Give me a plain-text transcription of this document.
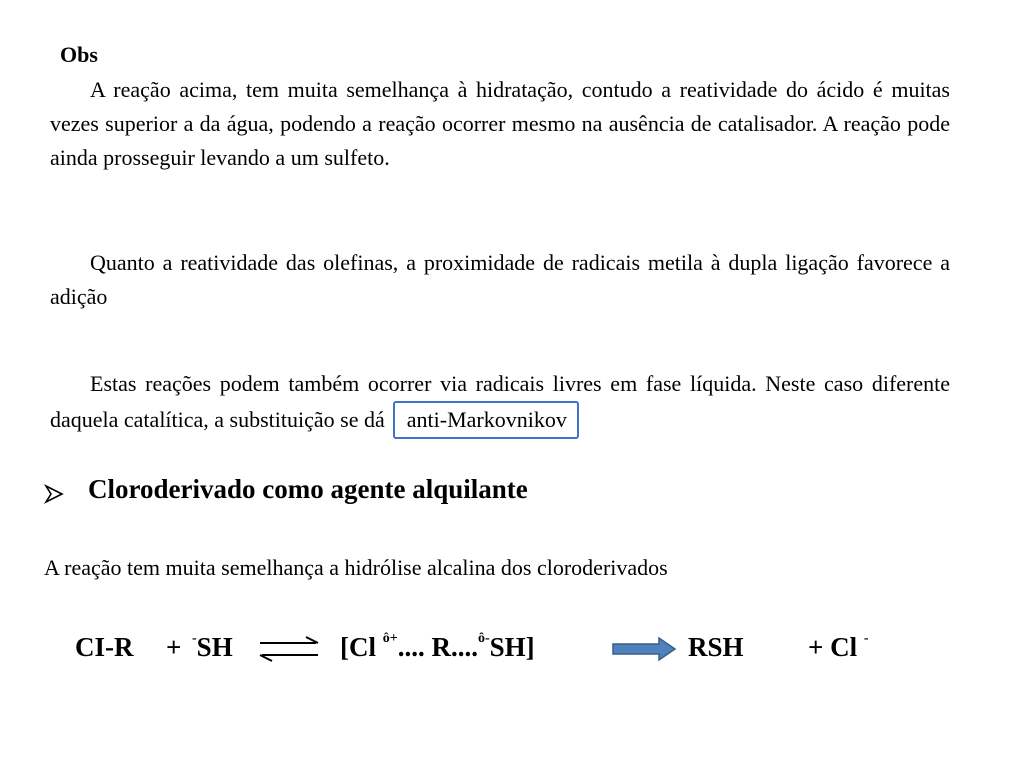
Obs

A reação acima, tem muita semelhança à hidratação, contudo a reatividade do ácido é muitas vezes superior a da água, podendo a reação ocorrer mesmo na ausência de catalisador. A reação pode ainda prosseguir levando a um sulfeto.

Quanto a reatividade das olefinas, a proximidade de radicais metila à dupla ligação favorece a adição

Estas reações podem também ocorrer via radicais livres em fase líquida. Neste caso diferente daquela catalítica, a substituição se dá anti-Markovnikov

Cloroderivado como agente alquilante
A reação tem muita semelhança a hidrólise alcalina dos cloroderivados
CI-R + -SH	[Cl $^{ô+}$.... R....$^{ô-}$SH]	RSH + Cl -
